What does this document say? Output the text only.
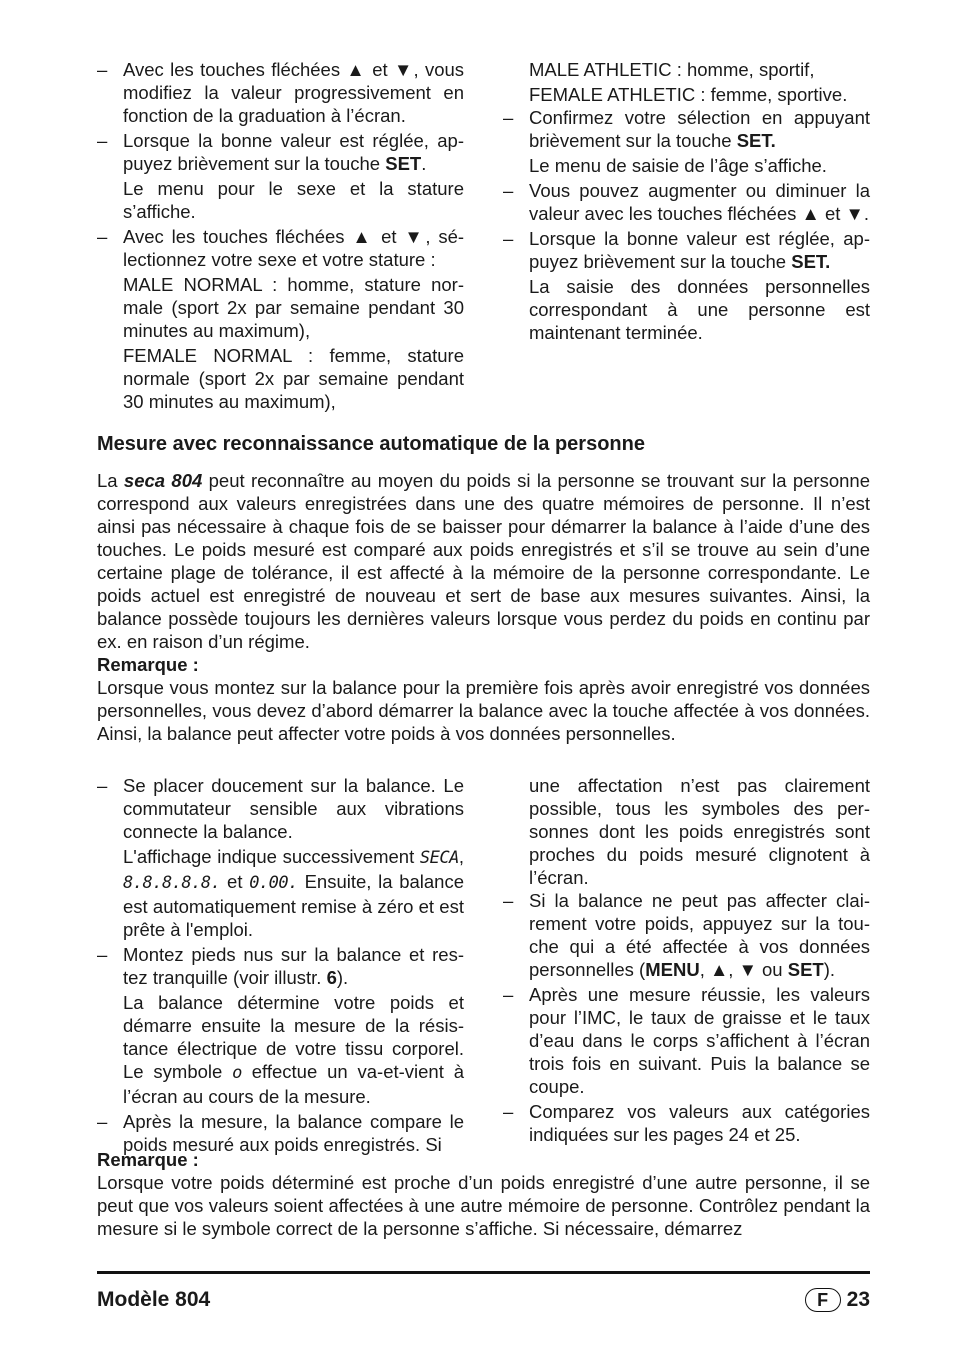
– Avec les touches fléchées ▲ et ▼, vous modifiez la valeur progressivement en fonction de la graduation à l’écran.

– Lorsque la bonne valeur est réglée, appuyez brièvement sur la touche SET.

Le menu pour le sexe et la stature s’affiche.

– Avec les touches fléchées ▲ et ▼, sélectionnez votre sexe et votre stature :

MALE NORMAL : homme, stature normale (sport 2x par semaine pendant 30 minutes au maximum),

FEMALE NORMAL : femme, stature normale (sport 2x par semaine pendant 30 minutes au maximum),

MALE ATHLETIC : homme, sportif,

FEMALE ATHLETIC : femme, sportive.

– Confirmez votre sélection en appuyant brièvement sur la touche SET.

Le menu de saisie de l’âge s’affiche.

– Vous pouvez augmenter ou diminuer la valeur avec les touches fléchées ▲ et ▼.

– Lorsque la bonne valeur est réglée, appuyez brièvement sur la touche SET.

La saisie des données personnelles correspondant à une personne est maintenant terminée.

Mesure avec reconnaissance automatique de la personne

La seca 804 peut reconnaître au moyen du poids si la personne se trouvant sur la personne correspond aux valeurs enregistrées dans une des quatre mémoires de personne. Il n’est ainsi pas nécessaire à chaque fois de se baisser pour démarrer la balance à l’aide d’une des touches. Le poids mesuré est comparé aux poids enregistrés et s’il se trouve au sein d’une certaine plage de tolérance, il est affecté à la mémoire de la personne correspondante. Le poids actuel est enregistré de nouveau et sert de base aux mesures suivantes. Ainsi, la balance possède toujours les dernières valeurs lorsque vous perdez du poids en continu par ex. en raison d’un régime.

Remarque :

Lorsque vous montez sur la balance pour la première fois après avoir enregistré vos données personnelles, vous devez d’abord démarrer la balance avec la touche affectée à vos données. Ainsi, la balance peut affecter votre poids à vos données personnelles.

– Se placer doucement sur la balance. Le commutateur sensible aux vibrations connecte la balance.

L'affichage indique successivement SECA, 8.8.8.8.8. et 0.00. Ensuite, la balance est automatiquement remise à zéro et est prête à l'emploi.

– Montez pieds nus sur la balance et restez tranquille (voir illustr. 6).

La balance détermine votre poids et démarre ensuite la mesure de la résistance électrique de votre tissu corporel. Le symbole o effectue un va-et-vient à l’écran au cours de la mesure.

– Après la mesure, la balance compare le poids mesuré aux poids enregistrés. Si

une affectation n’est pas clairement possible, tous les symboles des personnes dont les poids enregistrés sont proches du poids mesuré clignotent à l’écran.

– Si la balance ne peut pas affecter clairement votre poids, appuyez sur la touche qui a été affectée à vos données personnelles (MENU, ▲, ▼ ou SET).

– Après une mesure réussie, les valeurs pour l’IMC, le taux de graisse et le taux d’eau dans le corps s’affichent à l’écran trois fois en suivant. Puis la balance se coupe.

– Comparez vos valeurs aux catégories indiquées sur les pages 24 et 25.

Remarque :

Lorsque votre poids déterminé est proche d’un poids enregistré d’une autre personne, il se peut que vos valeurs soient affectées à une autre mémoire de personne. Contrôlez pendant la mesure si le symbole correct de la personne s’affiche. Si nécessaire, démarrez

Modèle 804	F 23
